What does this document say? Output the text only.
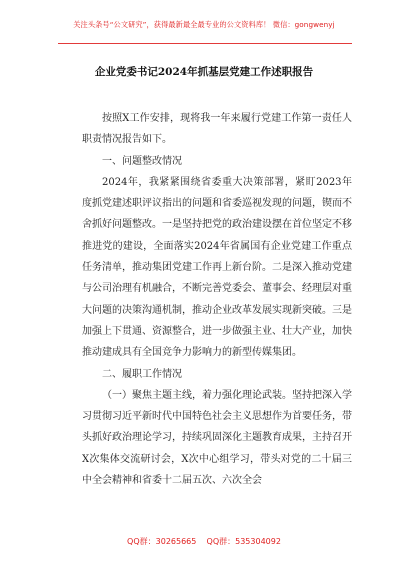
关注头条号“公文研究”，获得最新最全最专业的公文资料库！ 微信：gongwenyj
企业党委书记2024年抓基层党建工作述职报告

按照X工作安排，现将我一年来履行党建工作第一责任人职责情况报告如下。

一、问题整改情况

2024年，我紧紧围绕省委重大决策部署，紧盯2023年度抓党建述职评议指出的问题和省委巡视发现的问题，锲而不舍抓好问题整改。一是坚持把党的政治建设摆在首位坚定不移推进党的建设，全面落实2024年省属国有企业党建工作重点任务清单，推动集团党建工作再上新台阶。二是深入推动党建与公司治理有机融合，不断完善党委会、董事会、经理层对重大问题的决策沟通机制，推动企业改革发展实现新突破。三是加强上下贯通、资源整合，进一步做强主业、壮大产业，加快推动建成具有全国竞争力影响力的新型传媒集团。

二、履职工作情况

（一）聚焦主题主线，着力强化理论武装。坚持把深入学习贯彻习近平新时代中国特色社会主义思想作为首要任务，带头抓好政治理论学习，持续巩固深化主题教育成果，主持召开X次集体交流研讨会，X次中心组学习，带头对党的二十届三中全会精神和省委十二届五次、六次全会

QQ群：30265665    QQ群：535304092
